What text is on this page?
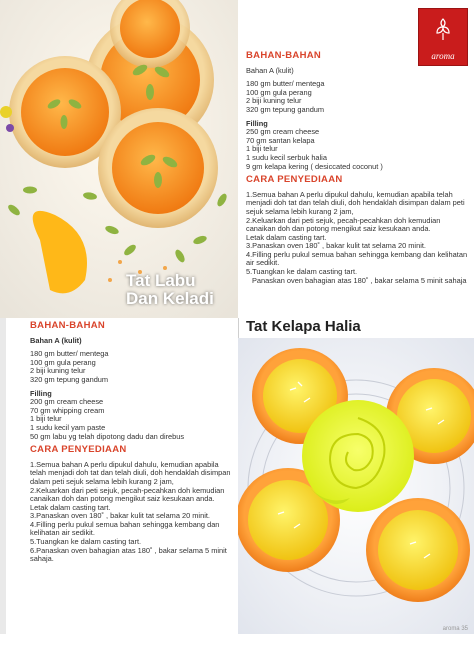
Tat Labu
Dan Keladi
aroma
BAHAN-BAHAN

Bahan A (kulit)

180 gm butter/ mentega
100 gm gula perang
2 biji kuning telur
320 gm tepung gandum

Filling

250 gm cream cheese
70 gm santan kelapa
1 biji telur
1 sudu kecil serbuk halia
9 gm kelapa kering ( desiccated coconut )
CARA PENYEDIAAN

1.Semua bahan A perlu dipukul dahulu, kemudian apabila telah menjadi doh tat dan telah diuli, doh hendaklah disimpan dalam peti sejuk selama lebih kurang 2 jam,

2.Keluarkan dari peti sejuk, pecah-pecahkan doh kemudian canaikan doh dan potong mengikut saiz kesukaan anda.

Letak dalam casting tart.

3.Panaskan oven 180˚ , bakar kulit tat selama 20 minit.

4.Filling perlu pukul semua bahan sehingga kembang dan kelihatan air sedikit.

5.Tuangkan ke dalam casting tart.

Panaskan oven bahagian atas 180˚ , bakar selama 5 minit sahaja

BAHAN-BAHAN

Bahan A (kulit)

180 gm butter/ mentega
100 gm gula perang
2 biji kuning telur
320 gm tepung gandum

Filling

200 gm cream cheese
70 gm whipping cream
1 biji telur
1 sudu kecil yam paste
50 gm labu yg telah dipotong dadu dan direbus
CARA PENYEDIAAN

1.Semua bahan A perlu dipukul dahulu, kemudian apabila telah menjadi doh tat dan telah diuli, doh hendaklah disimpan dalam peti sejuk selama lebih kurang 2 jam,

2.Keluarkan dari peti sejuk, pecah-pecahkan doh kemudian canaikan doh dan potong mengikut saiz kesukaan anda.

Letak dalam casting tart.

3.Panaskan oven 180˚ , bakar kulit tat selama 20 minit.

4.Filling perlu pukul semua bahan sehingga kembang dan kelihatan air sedikit.

5.Tuangkan ke dalam casting tart.

6.Panaskan oven bahagian atas 180˚ , bakar selama 5 minit sahaja.

Tat Kelapa Halia
aroma 35
